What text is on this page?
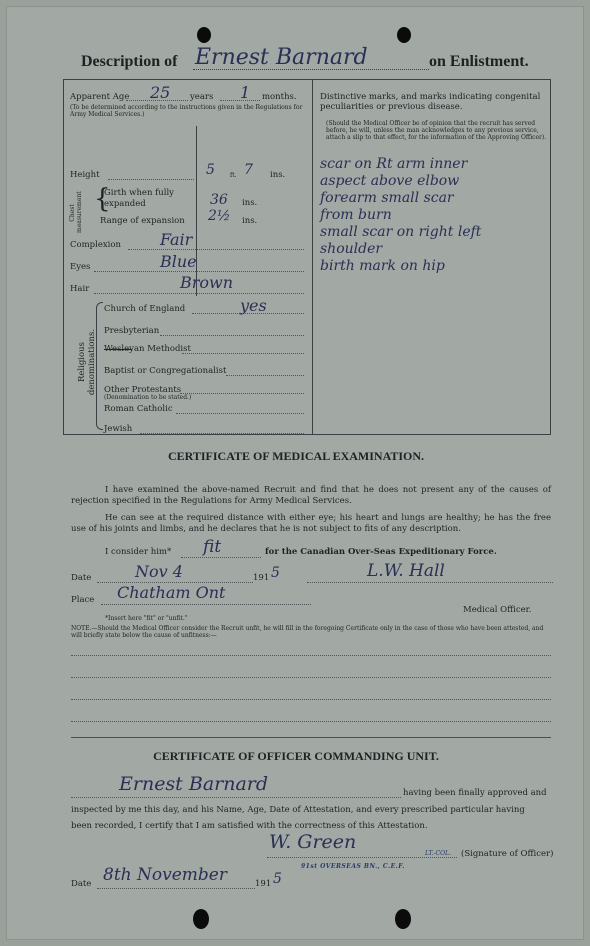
Description of Ernest Barnard	on Enlistment.
Apparent Age 25 years 1 months.
(To be determined according to the instructions given in the Regulations for Army Medical Services.)
Distinctive marks, and marks indicating congenital peculiarities or previous disease.
(Should the Medical Officer be of opinion that the recruit has served before, he will, unless the man acknowledges to any previous service, attach a slip to that effect, for the information of the Approving Officer).
scar on Rt arm inner
aspect above elbow
forearm small scar
from burn
small scar on right left
shoulder
birth mark on hip
Height	5	ft. 7 ins.
Chest measurement {
Girth when fully expanded	36 ins.
Range of expansion 2½ ins.
Complexion Fair
Eyes	Blue
Hair	Brown
Religious denominations.
Church of England	yes
Presbyterian
Wesleyan Methodist
Baptist or Congregationalist
Other Protestants
(Denomination to be stated.)
Roman Catholic
Jewish
CERTIFICATE OF MEDICAL EXAMINATION.
I have examined the above-named Recruit and find that he does not present any of the causes of rejection specified in the Regulations for Army Medical Services.
He can see at the required distance with either eye; his heart and lungs are healthy; he has the free use of his joints and limbs, and he declares that he is not subject to fits of any description.
I consider him* fit	for the Canadian Over-Seas Expeditionary Force.
Date	Nov 4	191 5	L.W. Hall
Place Chatham Ont
Medical Officer.
*Insert here "fit" or "unfit."
NOTE.—Should the Medical Officer consider the Recruit unfit, he will fill in the foregoing Certificate only in the case of those who have been attested, and will briefly state below the cause of unfitness:—
CERTIFICATE OF OFFICER COMMANDING UNIT.
Ernest Barnard	having been finally approved and
inspected by me this day, and his Name, Age, Date of Attestation, and every prescribed particular having
been recorded, I certify that I am satisfied with the correctness of this Attestation.
W. Green
LT.-COL. (Signature of Officer)
91st OVERSEAS BN., C.E.F.
Date 8th November	191 5
